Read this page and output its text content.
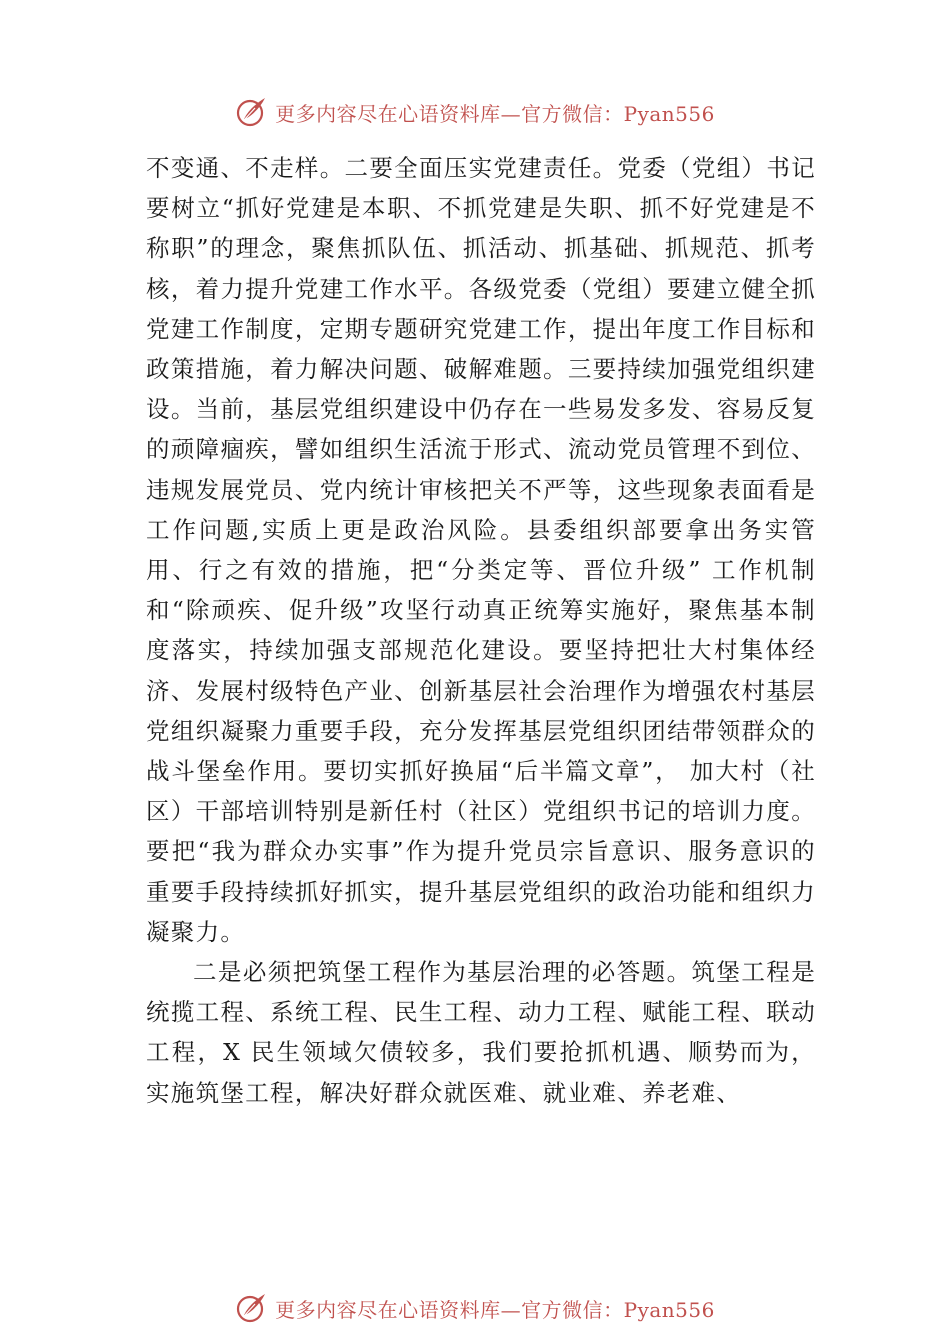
更多内容尽在心语资料库—官方微信：Pyan556

不变通、不走样。二要全面压实党建责任。党委（党组）书记要树立“抓好党建是本职、不抓党建是失职、抓不好党建是不称职”的理念，聚焦抓队伍、抓活动、抓基础、抓规范、抓考核，着力提升党建工作水平。各级党委（党组）要建立健全抓党建工作制度，定期专题研究党建工作，提出年度工作目标和政策措施，着力解决问题、破解难题。三要持续加强党组织建设。当前，基层党组织建设中仍存在一些易发多发、容易反复的顽障痼疾，譬如组织生活流于形式、流动党员管理不到位、违规发展党员、党内统计审核把关不严等，这些现象表面看是工作问题,实质上更是政治风险。县委组织部要拿出务实管用、行之有效的措施，把“分类定等、晋位升级” 工作机制和“除顽疾、促升级”攻坚行动真正统筹实施好，聚焦基本制度落实，持续加强支部规范化建设。要坚持把壮大村集体经济、发展村级特色产业、创新基层社会治理作为增强农村基层党组织凝聚力重要手段，充分发挥基层党组织团结带领群众的战斗堡垒作用。要切实抓好换届“后半篇文章”， 加大村（社区）干部培训特别是新任村（社区）党组织书记的培训力度。要把“我为群众办实事”作为提升党员宗旨意识、服务意识的重要手段持续抓好抓实，提升基层党组织的政治功能和组织力凝聚力。

二是必须把筑堡工程作为基层治理的必答题。筑堡工程是统揽工程、系统工程、民生工程、动力工程、赋能工程、联动工程，X 民生领域欠债较多，我们要抢抓机遇、顺势而为，实施筑堡工程，解决好群众就医难、就业难、养老难、

更多内容尽在心语资料库—官方微信：Pyan556
